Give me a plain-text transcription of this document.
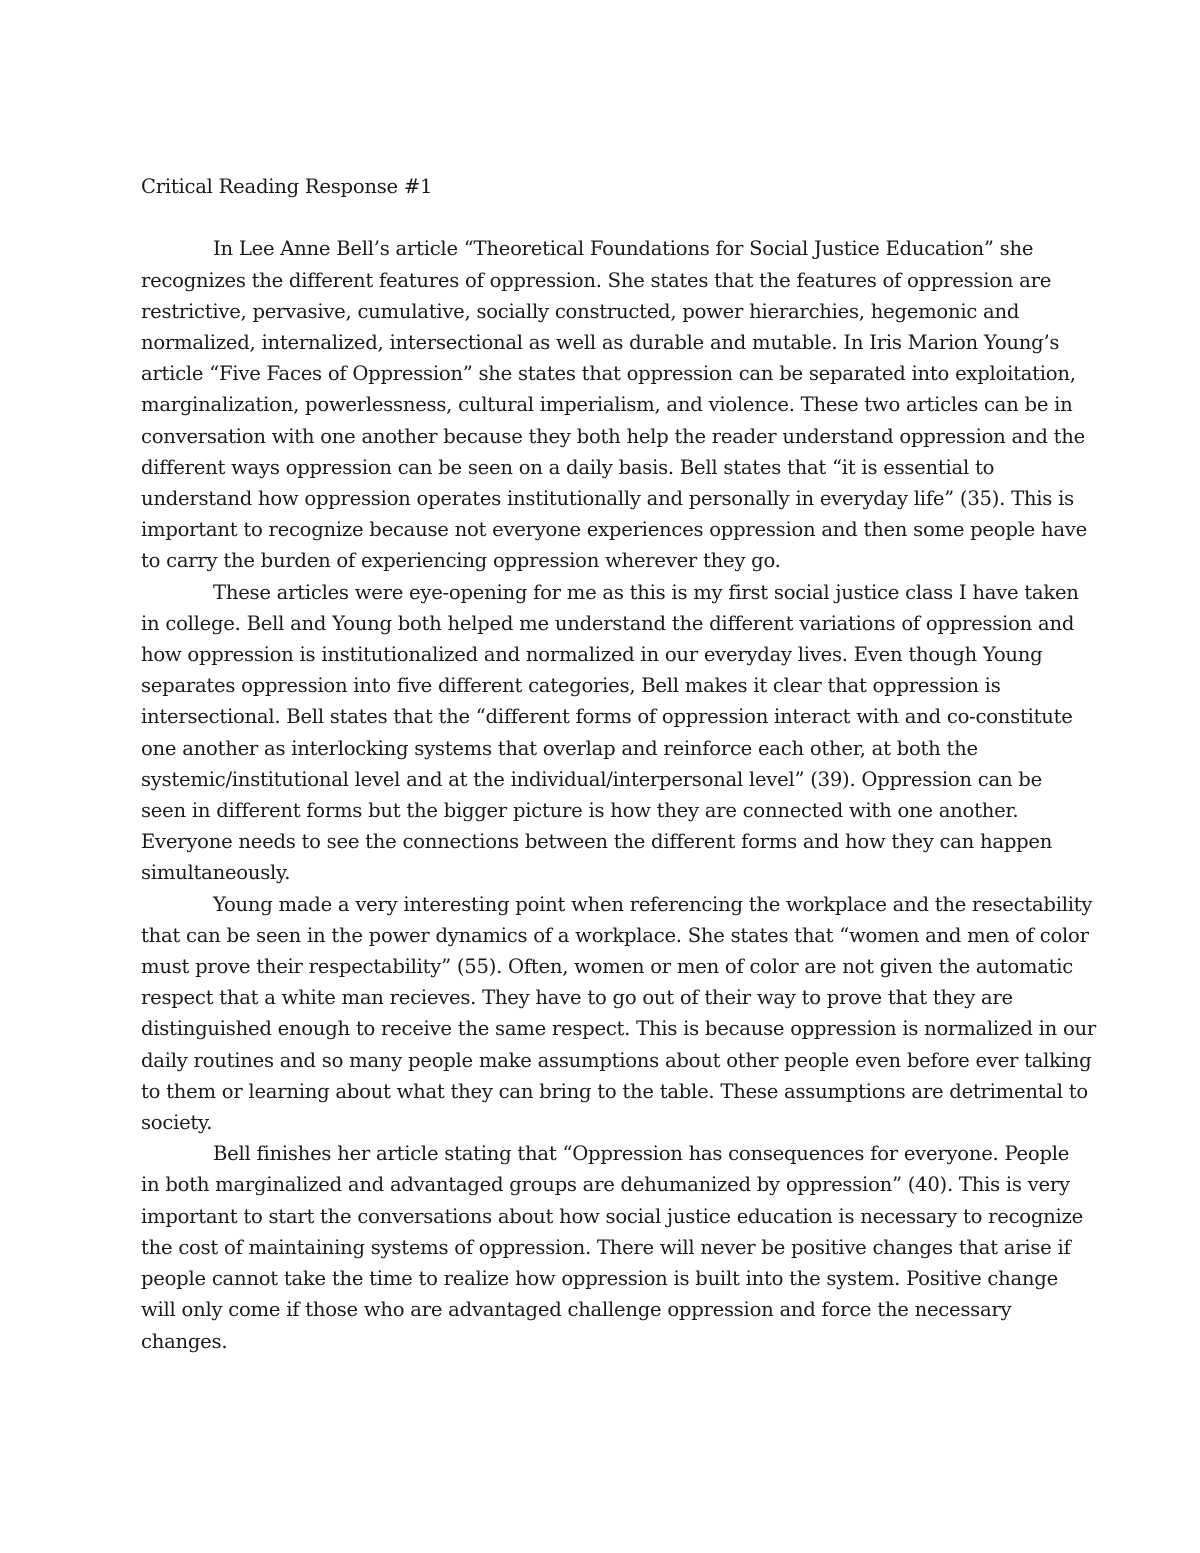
Critical Reading Response #1

In Lee Anne Bell’s article “Theoretical Foundations for Social Justice Education” she
recognizes the different features of oppression. She states that the features of oppression are
restrictive, pervasive, cumulative, socially constructed, power hierarchies, hegemonic and
normalized, internalized, intersectional as well as durable and mutable. In Iris Marion Young’s
article “Five Faces of Oppression” she states that oppression can be separated into exploitation,
marginalization, powerlessness, cultural imperialism, and violence. These two articles can be in
conversation with one another because they both help the reader understand oppression and the
different ways oppression can be seen on a daily basis. Bell states that “it is essential to
understand how oppression operates institutionally and personally in everyday life” (35). This is
important to recognize because not everyone experiences oppression and then some people have
to carry the burden of experiencing oppression wherever they go.

These articles were eye-opening for me as this is my first social justice class I have taken
in college. Bell and Young both helped me understand the different variations of oppression and
how oppression is institutionalized and normalized in our everyday lives. Even though Young
separates oppression into five different categories, Bell makes it clear that oppression is
intersectional. Bell states that the “different forms of oppression interact with and co-constitute
one another as interlocking systems that overlap and reinforce each other, at both the
systemic/institutional level and at the individual/interpersonal level” (39). Oppression can be
seen in different forms but the bigger picture is how they are connected with one another.
Everyone needs to see the connections between the different forms and how they can happen
simultaneously.

Young made a very interesting point when referencing the workplace and the resectability
that can be seen in the power dynamics of a workplace. She states that “women and men of color
must prove their respectability” (55). Often, women or men of color are not given the automatic
respect that a white man recieves. They have to go out of their way to prove that they are
distinguished enough to receive the same respect. This is because oppression is normalized in our
daily routines and so many people make assumptions about other people even before ever talking
to them or learning about what they can bring to the table. These assumptions are detrimental to
society.

Bell finishes her article stating that “Oppression has consequences for everyone. People
in both marginalized and advantaged groups are dehumanized by oppression” (40). This is very
important to start the conversations about how social justice education is necessary to recognize
the cost of maintaining systems of oppression. There will never be positive changes that arise if
people cannot take the time to realize how oppression is built into the system. Positive change
will only come if those who are advantaged challenge oppression and force the necessary
changes.
